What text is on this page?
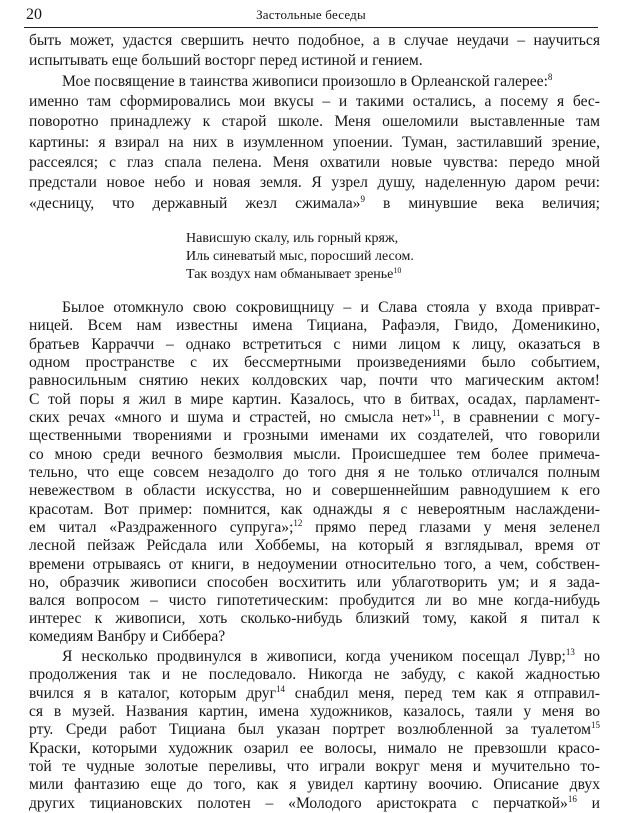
20	Застольные беседы
быть может, удастся свершить нечто подобное, а в случае неудачи – научиться
испытывать еще больший восторг перед истиной и гением.
Мое посвящение в таинства живописи произошло в Орлеанской галерее:$^8$
именно там сформировались мои вкусы – и такими остались, а посему я бес-
поворотно принадлежу к старой школе. Меня ошеломили выставленные там
картины: я взирал на них в изумленном упоении. Туман, застилавший зрение,
рассеялся; с глаз спала пелена. Меня охватили новые чувства: передо мной
предстали новое небо и новая земля. Я узрел душу, наделенную даром речи:
«десницу, что державный жезл сжимала»$^9$ в минувшие века величия;
Нависшую скалу, иль горный кряж,
Иль синеватый мыс, поросший лесом.
Так воздух нам обманывает зренье$^{10}$
Былое отомкнуло свою сокровищницу – и Слава стояла у входа приврат-
ницей. Всем нам известны имена Тициана, Рафаэля, Гвидо, Доменикино,
братьев Карраччи – однако встретиться с ними лицом к лицу, оказаться в
одном пространстве с их бессмертными произведениями было событием,
равносильным снятию неких колдовских чар, почти что магическим актом!
С той поры я жил в мире картин. Казалось, что в битвах, осадах, парламент-
ских речах «много и шума и страстей, но смысла нет»$^{11}$, в сравнении с могу-
щественными творениями и грозными именами их создателей, что говорили
со мною среди вечного безмолвия мысли. Происшедшее тем более примеча-
тельно, что еще совсем незадолго до того дня я не только отличался полным
невежеством в области искусства, но и совершеннейшим равнодушием к его
красотам. Вот пример: помнится, как однажды я с невероятным наслаждени-
ем читал «Раздраженного супруга»;$^{12}$ прямо перед глазами у меня зеленел
лесной пейзаж Рейсдала или Хоббемы, на который я взглядывал, время от
времени отрываясь от книги, в недоумении относительно того, а чем, собствен-
но, образчик живописи способен восхитить или ублаготворить ум; и я зада-
вался вопросом – чисто гипотетическим: пробудится ли во мне когда-нибудь
интерес к живописи, хоть сколько-нибудь близкий тому, какой я питал к
комедиям Ванбру и Сиббера?
Я несколько продвинулся в живописи, когда учеником посещал Лувр;$^{13}$ но
продолжения так и не последовало. Никогда не забуду, с какой жадностью
вчился я в каталог, которым друг$^{14}$ снабдил меня, перед тем как я отправил-
ся в музей. Названия картин, имена художников, казалось, таяли у меня во
рту. Среди работ Тициана был указан портрет возлюбленной за туалетом$^{15}$
Краски, которыми художник озарил ее волосы, нимало не превзошли красо-
той те чудные золотые переливы, что играли вокруг меня и мучительно то-
мили фантазию еще до того, как я увидел картину воочию. Описание двух
других тициановских полотен – «Молодого аристократа с перчаткой»$^{16}$ и
